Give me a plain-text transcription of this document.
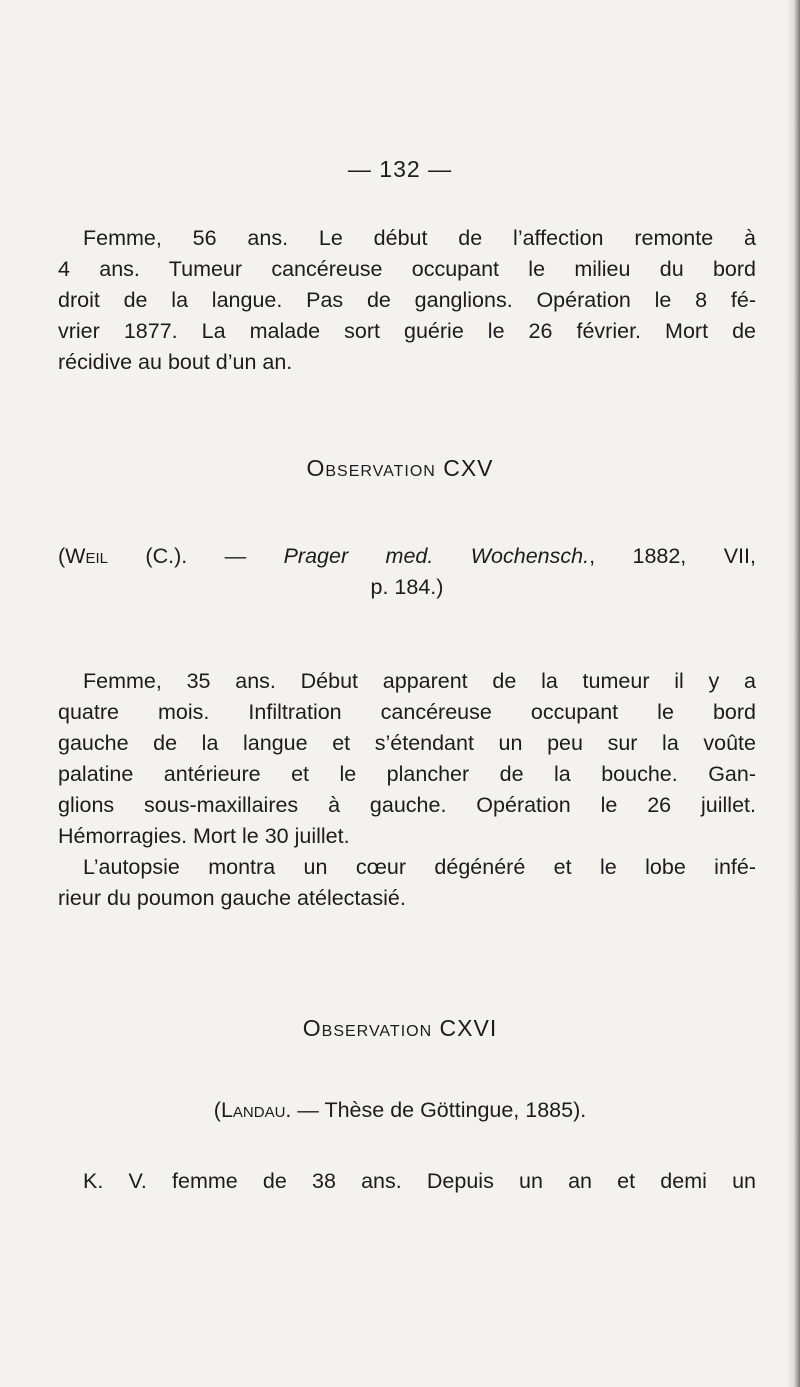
— 132 —
Femme, 56 ans. Le début de l’affection remonte à
4 ans. Tumeur cancéreuse occupant le milieu du bord
droit de la langue. Pas de ganglions. Opération le 8 fé-
vrier 1877. La malade sort guérie le 26 février. Mort de
récidive au bout d’un an.
Observation CXV
(Weil (C.). — Prager med. Wochensch., 1882, VII,
p. 184.)
Femme, 35 ans. Début apparent de la tumeur il y a
quatre mois. Infiltration cancéreuse occupant le bord
gauche de la langue et s’étendant un peu sur la voûte
palatine antérieure et le plancher de la bouche. Gan-
glions sous-maxillaires à gauche. Opération le 26 juillet.
Hémorragies. Mort le 30 juillet.
L’autopsie montra un cœur dégénéré et le lobe infé-
rieur du poumon gauche atélectasié.
Observation CXVI
(Landau. — Thèse de Göttingue, 1885).
K. V. femme de 38 ans. Depuis un an et demi un
